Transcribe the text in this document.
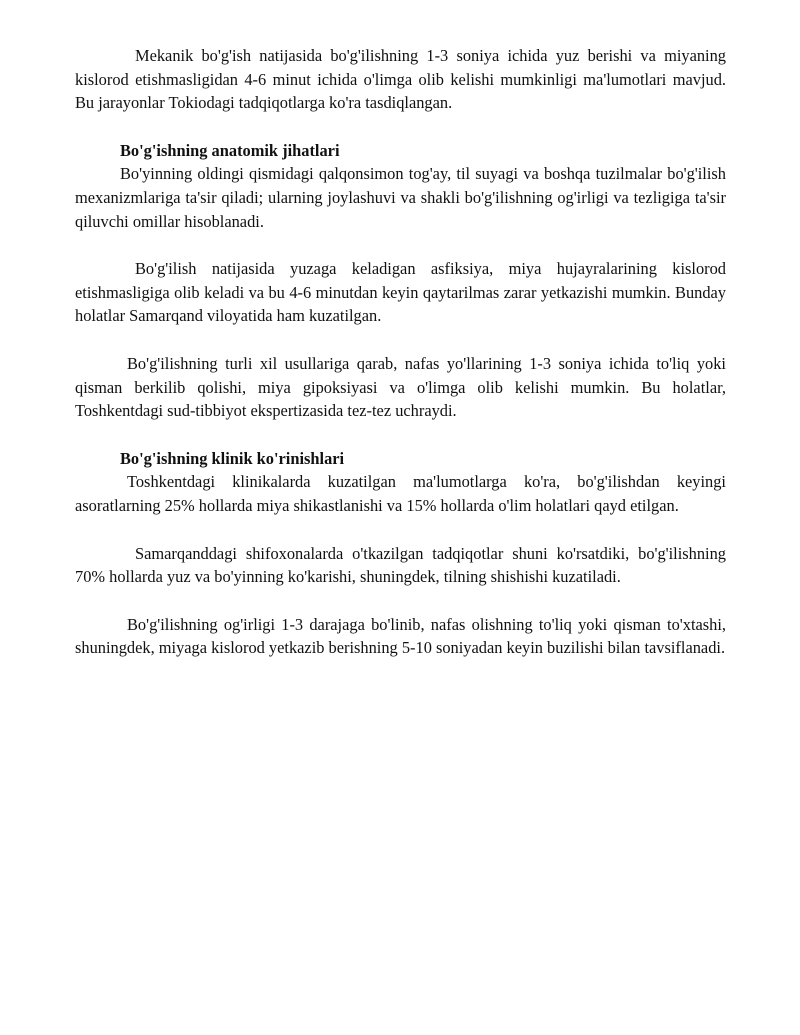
Mekanik bo'g'ish natijasida bo'g'ilishning 1-3 soniya ichida yuz berishi va miyaning kislorod etishmasligidan 4-6 minut ichida o'limga olib kelishi mumkinligi ma'lumotlari mavjud. Bu jarayonlar Tokiodagi tadqiqotlarga ko'ra tasdiqlangan.

Bo'g'ishning anatomik jihatlari

Bo'yinning oldingi qismidagi qalqonsimon tog'ay, til suyagi va boshqa tuzilmalar bo'g'ilish mexanizmlariga ta'sir qiladi; ularning joylashuvi va shakli bo'g'ilishning og'irligi va tezligiga ta'sir qiluvchi omillar hisoblanadi.

Bo'g'ilish natijasida yuzaga keladigan asfiksiya, miya hujayralarining kislorod etishmasligiga olib keladi va bu 4-6 minutdan keyin qaytarilmas zarar yetkazishi mumkin. Bunday holatlar Samarqand viloyatida ham kuzatilgan.

Bo'g'ilishning turli xil usullariga qarab, nafas yo'llarining 1-3 soniya ichida to'liq yoki qisman berkilib qolishi, miya gipoksiyasi va o'limga olib kelishi mumkin. Bu holatlar, Toshkentdagi sud-tibbiyot ekspertizasida tez-tez uchraydi.

Bo'g'ishning klinik ko'rinishlari

Toshkentdagi klinikalarda kuzatilgan ma'lumotlarga ko'ra, bo'g'ilishdan keyingi asoratlarning 25% hollarda miya shikastlanishi va 15% hollarda o'lim holatlari qayd etilgan.

Samarqanddagi shifoxonalarda o'tkazilgan tadqiqotlar shuni ko'rsatdiki, bo'g'ilishning 70% hollarda yuz va bo'yinning ko'karishi, shuningdek, tilning shishishi kuzatiladi.

Bo'g'ilishning og'irligi 1-3 darajaga bo'linib, nafas olishning to'liq yoki qisman to'xtashi, shuningdek, miyaga kislorod yetkazib berishning 5-10 soniyadan keyin buzilishi bilan tavsiflanadi.
